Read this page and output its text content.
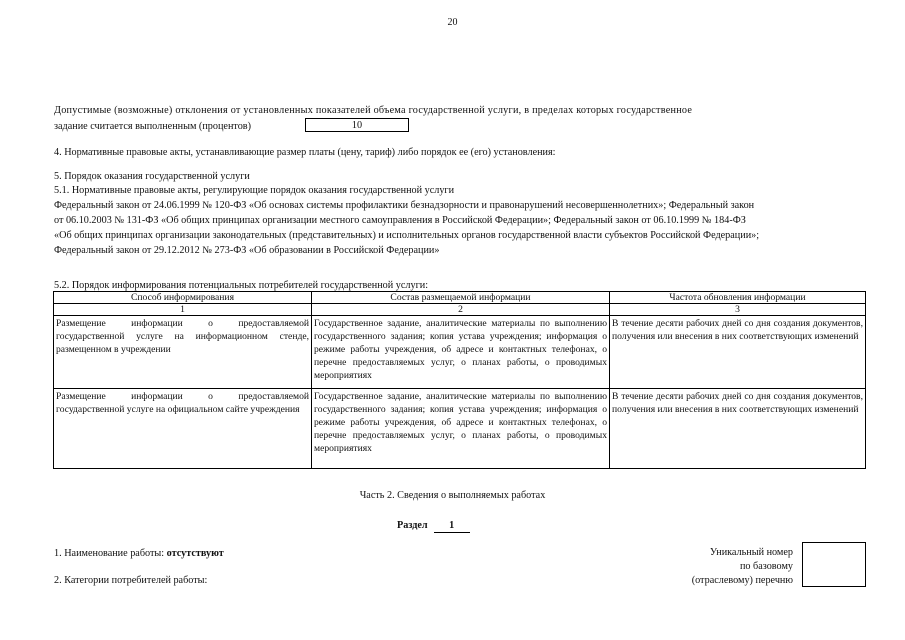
20
Допустимые (возможные) отклонения от установленных показателей объема государственной услуги, в пределах которых государственное
задание считается выполненным (процентов)	10
4. Нормативные правовые акты, устанавливающие размер платы (цену, тариф) либо порядок ее (его) установления:
5. Порядок оказания государственной услуги
5.1. Нормативные правовые акты, регулирующие порядок оказания государственной услуги
Федеральный закон от 24.06.1999 № 120-ФЗ «Об основах системы профилактики безнадзорности и правонарушений несовершеннолетних»; Федеральный закон
от 06.10.2003 № 131-ФЗ «Об общих принципах организации местного самоуправления в Российской Федерации»; Федеральный закон от 06.10.1999 № 184-ФЗ
«Об общих принципах организации законодательных (представительных) и исполнительных органов государственной власти субъектов Российской Федерации»;
Федеральный закон от 29.12.2012 № 273-ФЗ «Об образовании в Российской Федерации»
5.2. Порядок информирования потенциальных потребителей государственной услуги:
Способ информирования	Состав размещаемой информации	Частота обновления информации
1	2	3
Размещение информации о предоставляемой государственной услуге на информационном стенде, размещенном в учреждении	Государственное задание, аналитические материалы по выполнению государственного задания; копия устава учреждения; информация о режиме работы учреждения, об адресе и контактных телефонах, о перечне предоставляемых услуг, о планах работы, о проводимых мероприятиях	В течение десяти рабочих дней со дня создания документов, получения или внесения в них соответствующих изменений
Размещение информации о предоставляемой государственной услуге на официальном сайте учреждения	Государственное задание, аналитические материалы по выполнению государственного задания; копия устава учреждения; информация о режиме работы учреждения, об адресе и контактных телефонах, о перечне предоставляемых услуг, о планах работы, о проводимых мероприятиях	В течение десяти рабочих дней со дня создания документов, получения или внесения в них соответствующих изменений
Часть 2. Сведения о выполняемых работах
Раздел 1
1. Наименование работы: отсутствуют
2. Категории потребителей работы:
Уникальный номер
по базовому
(отраслевому) перечню
